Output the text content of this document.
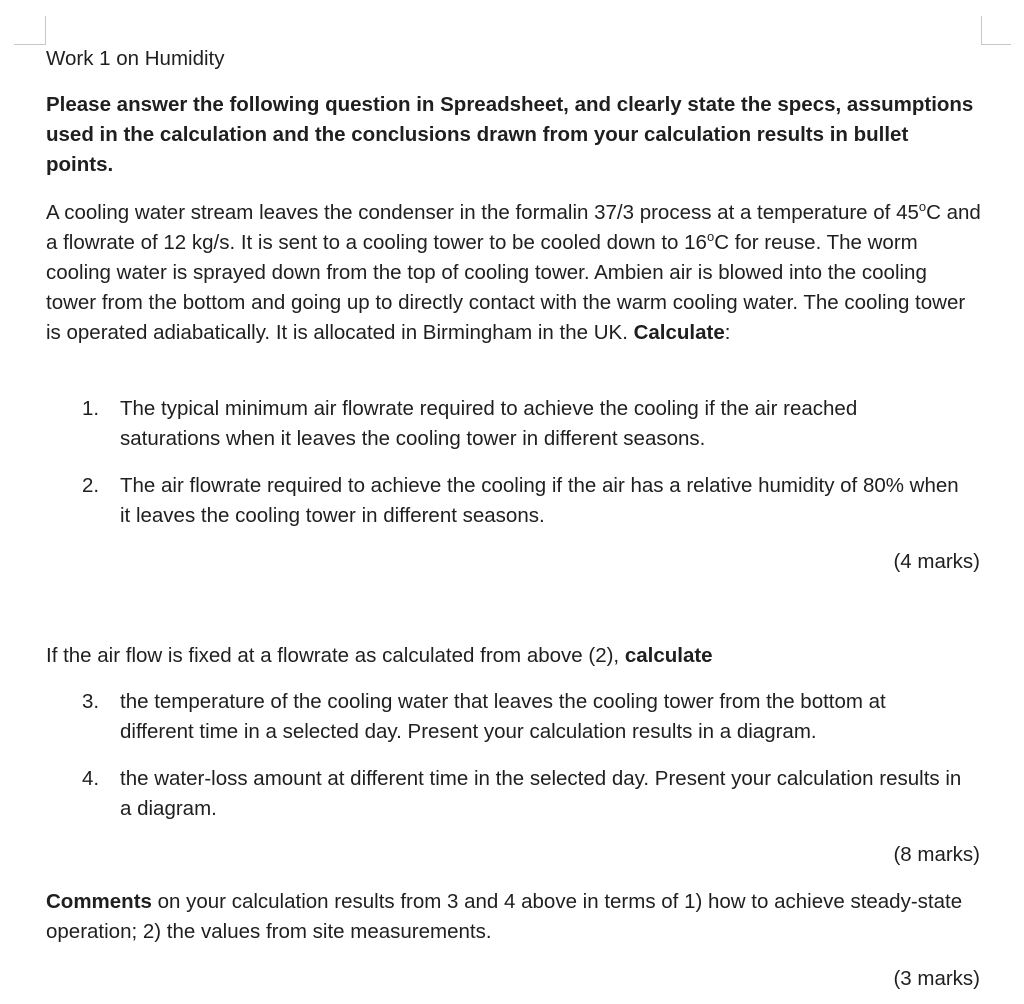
Work 1 on Humidity
Please answer the following question in Spreadsheet, and clearly state the specs, assumptions used in the calculation and the conclusions drawn from your calculation results in bullet points.
A cooling water stream leaves the condenser in the formalin 37/3 process at a temperature of 45$^o$C and a flowrate of 12 kg/s. It is sent to a cooling tower to be cooled down to 16$^o$C for reuse. The worm cooling water is sprayed down from the top of cooling tower. Ambien air is blowed into the cooling tower from the bottom and going up to directly contact with the warm cooling water. The cooling tower is operated adiabatically. It is allocated in Birmingham in the UK. Calculate:
1.	The typical minimum air flowrate required to achieve the cooling if the air reached saturations when it leaves the cooling tower in different seasons.
2.	The air flowrate required to achieve the cooling if the air has a relative humidity of 80% when it leaves the cooling tower in different seasons.
(4 marks)
If the air flow is fixed at a flowrate as calculated from above (2), calculate
3.	the temperature of the cooling water that leaves the cooling tower from the bottom at different time in a selected day. Present your calculation results in a diagram.
4.	the water-loss amount at different time in the selected day. Present your calculation results in a diagram.
(8 marks)
Comments on your calculation results from 3 and 4 above in terms of 1) how to achieve steady-state operation; 2) the values from site measurements.
(3 marks)
